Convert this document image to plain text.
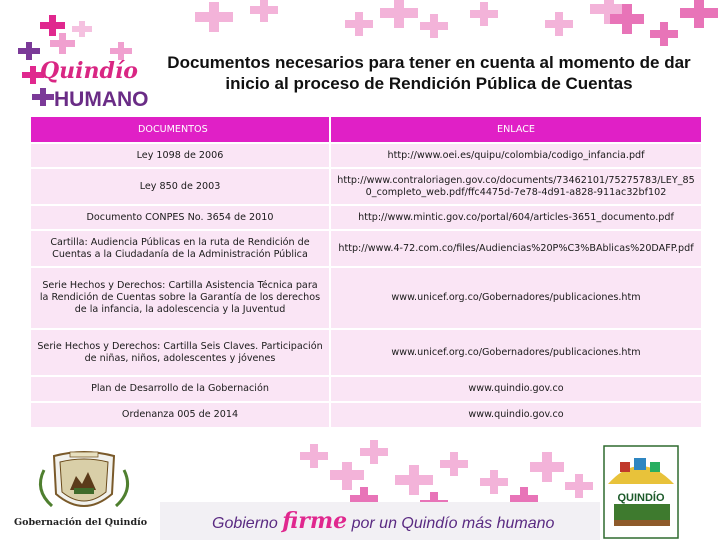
Quindío
HUMANO
Documentos necesarios para tener en cuenta al momento de dar inicio al proceso de Rendición Pública de Cuentas
DOCUMENTOS	ENLACE
Ley 1098 de 2006	http://www.oei.es/quipu/colombia/codigo_infancia.pdf
Ley 850 de 2003	http://www.contraloriagen.gov.co/documents/73462101/75275783/LEY_850_completo_web.pdf/ffc4475d-7e78-4d91-a828-911ac32bf102
Documento CONPES No. 3654 de 2010	http://www.mintic.gov.co/portal/604/articles-3651_documento.pdf
Cartilla: Audiencia Públicas en la ruta de Rendición de Cuentas a la Ciudadanía de la Administración Pública	http://www.4-72.com.co/files/Audiencias%20P%C3%BAblicas%20DAFP.pdf
Serie Hechos y Derechos: Cartilla Asistencia Técnica para la Rendición de Cuentas sobre la Garantía de los derechos de la infancia, la adolescencia y la Juventud	www.unicef.org.co/Gobernadores/publicaciones.htm
Serie Hechos y Derechos: Cartilla Seis Claves. Participación de niñas, niños, adolescentes y jóvenes	www.unicef.org.co/Gobernadores/publicaciones.htm
Plan de Desarrollo de la Gobernación	www.quindio.gov.co
Ordenanza 005 de 2014	www.quindio.gov.co
Gobernación del Quindío	Gobierno firme por un Quindío más humano
QUINDÍO
